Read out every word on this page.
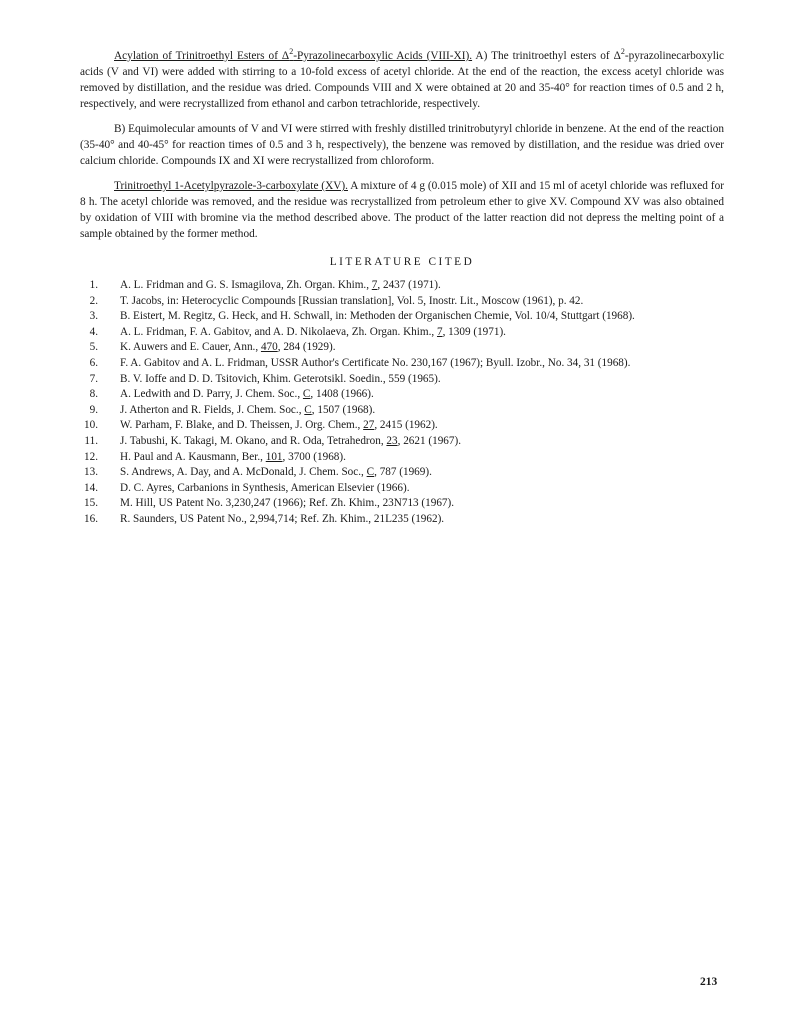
Acylation of Trinitroethyl Esters of $\Delta^2$-Pyrazolinecarboxylic Acids (VIII-XI). A) The trinitroethyl esters of $\Delta^2$-pyrazolinecarboxylic acids (V and VI) were added with stirring to a 10-fold excess of acetyl chloride. At the end of the reaction, the excess acetyl chloride was removed by distillation, and the residue was dried. Compounds VIII and X were obtained at 20 and 35-40° for reaction times of 0.5 and 2 h, respectively, and were recrystallized from ethanol and carbon tetrachloride, respectively.

B) Equimolecular amounts of V and VI were stirred with freshly distilled trinitrobutyryl chloride in benzene. At the end of the reaction (35-40° and 40-45° for reaction times of 0.5 and 3 h, respectively), the benzene was removed by distillation, and the residue was dried over calcium chloride. Compounds IX and XI were recrystallized from chloroform.

Trinitroethyl 1-Acetylpyrazole-3-carboxylate (XV). A mixture of 4 g (0.015 mole) of XII and 15 ml of acetyl chloride was refluxed for 8 h. The acetyl chloride was removed, and the residue was recrystallized from petroleum ether to give XV. Compound XV was also obtained by oxidation of VIII with bromine via the method described above. The product of the latter reaction did not depress the melting point of a sample obtained by the former method.

LITERATURE CITED
1. A. L. Fridman and G. S. Ismagilova, Zh. Organ. Khim., 7, 2437 (1971).
2. T. Jacobs, in: Heterocyclic Compounds [Russian translation], Vol. 5, Inostr. Lit., Moscow (1961), p. 42.
3. B. Eistert, M. Regitz, G. Heck, and H. Schwall, in: Methoden der Organischen Chemie, Vol. 10/4, Stuttgart (1968).
4. A. L. Fridman, F. A. Gabitov, and A. D. Nikolaeva, Zh. Organ. Khim., 7, 1309 (1971).
5. K. Auwers and E. Cauer, Ann., 470, 284 (1929).
6. F. A. Gabitov and A. L. Fridman, USSR Author's Certificate No. 230,167 (1967); Byull. Izobr., No. 34, 31 (1968).
7. B. V. Ioffe and D. D. Tsitovich, Khim. Geterotsikl. Soedin., 559 (1965).
8. A. Ledwith and D. Parry, J. Chem. Soc., C, 1408 (1966).
9. J. Atherton and R. Fields, J. Chem. Soc., C, 1507 (1968).
10. W. Parham, F. Blake, and D. Theissen, J. Org. Chem., 27, 2415 (1962).
11. J. Tabushi, K. Takagi, M. Okano, and R. Oda, Tetrahedron, 23, 2621 (1967).
12. H. Paul and A. Kausmann, Ber., 101, 3700 (1968).
13. S. Andrews, A. Day, and A. McDonald, J. Chem. Soc., C, 787 (1969).
14. D. C. Ayres, Carbanions in Synthesis, American Elsevier (1966).
15. M. Hill, US Patent No. 3,230,247 (1966); Ref. Zh. Khim., 23N713 (1967).
16. R. Saunders, US Patent No., 2,994,714; Ref. Zh. Khim., 21L235 (1962).
213
